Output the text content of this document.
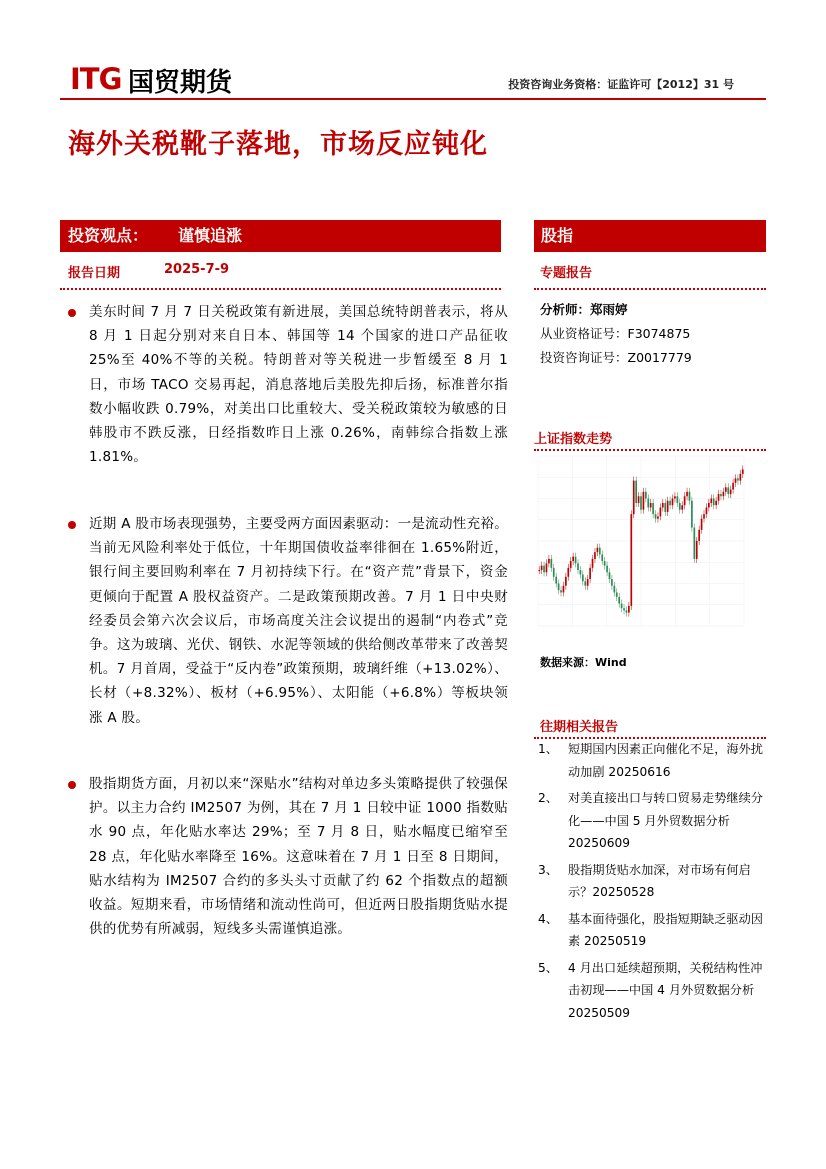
ITG 国贸期货	投资咨询业务资格：证监许可【2012】31 号
海外关税靴子落地，市场反应钝化
投资观点： 谨慎追涨	股指
报告日期	2025-7-9	专题报告

美东时间 7 月 7 日关税政策有新进展，美国总统特朗普表示，将从 8 月 1 日起分别对来自日本、韩国等 14 个国家的进口产品征收 25%至 40%不等的关税。特朗普对等关税进一步暂缓至 8 月 1 日，市场 TACO 交易再起，消息落地后美股先抑后扬，标准普尔指数小幅收跌 0.79%，对美出口比重较大、受关税政策较为敏感的日韩股市不跌反涨，日经指数昨日上涨 0.26%，南韩综合指数上涨 1.81%。

近期 A 股市场表现强势，主要受两方面因素驱动：一是流动性充裕。当前无风险利率处于低位，十年期国债收益率徘徊在 1.65%附近，银行间主要回购利率在 7 月初持续下行。在“资产荒”背景下，资金更倾向于配置 A 股权益资产。二是政策预期改善。7 月 1 日中央财经委员会第六次会议后，市场高度关注会议提出的遏制“内卷式”竞争。这为玻璃、光伏、钢铁、水泥等领域的供给侧改革带来了改善契机。7 月首周，受益于“反内卷”政策预期，玻璃纤维（+13.02%）、长材（+8.32%）、板材（+6.95%）、太阳能（+6.8%）等板块领涨 A 股。

股指期货方面，月初以来“深贴水”结构对单边多头策略提供了较强保护。以主力合约 IM2507 为例，其在 7 月 1 日较中证 1000 指数贴水 90 点，年化贴水率达 29%；至 7 月 8 日，贴水幅度已缩窄至 28 点，年化贴水率降至 16%。这意味着在 7 月 1 日至 8 日期间，贴水结构为 IM2507 合约的多头头寸贡献了约 62 个指数点的超额收益。短期来看，市场情绪和流动性尚可，但近两日股指期货贴水提供的优势有所减弱，短线多头需谨慎追涨。

分析师：郑雨婷
从业资格证号：F3074875
投资咨询证号：Z0017779
上证指数走势
数据来源：Wind
往期相关报告
1、 短期国内因素正向催化不足，海外扰动加剧 20250616
2、 对美直接出口与转口贸易走势继续分化——中国 5 月外贸数据分析 20250609
3、 股指期货贴水加深，对市场有何启示？20250528
4、 基本面待强化，股指短期缺乏驱动因素 20250519
5、 4 月出口延续超预期，关税结构性冲击初现——中国 4 月外贸数据分析 20250509
